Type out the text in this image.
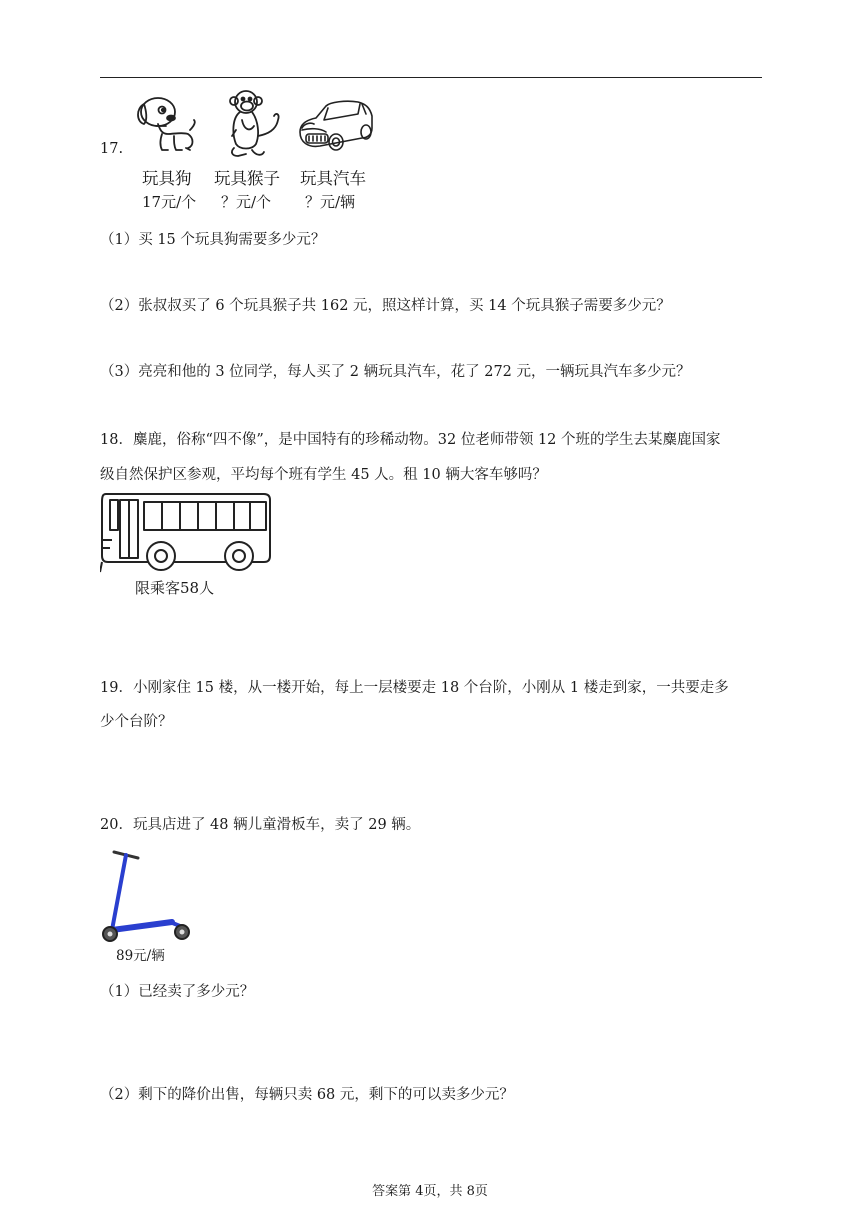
17.
玩具狗 玩具猴子 玩具汽车
17元/个 ？元/个 ？元/辆
（1）买 15 个玩具狗需要多少元？
（2）张叔叔买了 6 个玩具猴子共 162 元，照这样计算，买 14 个玩具猴子需要多少元？
（3）亮亮和他的 3 位同学，每人买了 2 辆玩具汽车，花了 272 元，一辆玩具汽车多少元？
18．麋鹿，俗称“四不像”，是中国特有的珍稀动物。32 位老师带领 12 个班的学生去某麋鹿国家
级自然保护区参观，平均每个班有学生 45 人。租 10 辆大客车够吗？
限乘客58人
19．小刚家住 15 楼，从一楼开始，每上一层楼要走 18 个台阶，小刚从 1 楼走到家，一共要走多
少个台阶？
20．玩具店进了 48 辆儿童滑板车，卖了 29 辆。
89元/辆
（1）已经卖了多少元？
（2）剩下的降价出售，每辆只卖 68 元，剩下的可以卖多少元？
答案第 4页，共 8页
